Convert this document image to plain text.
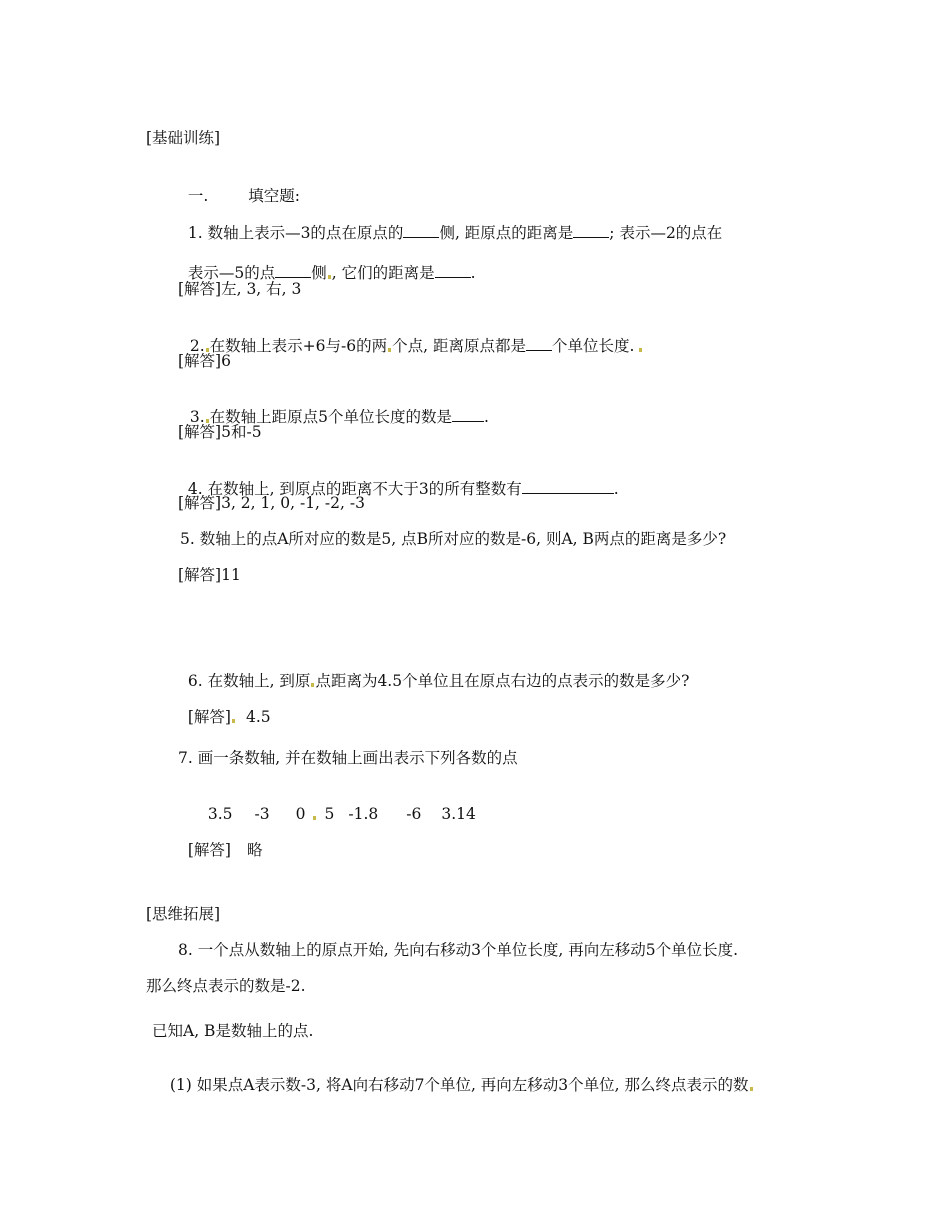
[基础训练]

一.	填空题:

1. 数轴上表示—3的点在原点的 侧, 距原点的距离是 ; 表示—2的点在

表示—5的点 侧 , 它们的距离是 .

[解答]左, 3, 右, 3

2. 在数轴上表示+6与-6的两 个点, 距离原点都是 个单位长度.

[解答]6

3. 在数轴上距原点5个单位长度的数是 .

[解答]5和-5

4. 在数轴上, 到原点的距离不大于3的所有整数有	.

[解答]3, 2, 1, 0, -1, -2, -3
5. 数轴上的点A所对应的数是5, 点B所对应的数是-6, 则A, B两点的距离是多少?
[解答]11

6. 在数轴上, 到原 点距离为4.5个单位且在原点右边的点表示的数是多少?

[解答] 4.5

7. 画一条数轴, 并在数轴上画出表示下列各数的点

3.5 -3 0 5 -1.8 -6 3.14

[解答] 略

[思维拓展]
8. 一个点从数轴上的原点开始, 先向右移动3个单位长度, 再向左移动5个单位长度.
那么终点表示的数是-2.
已知A, B是数轴上的点.

(1) 如果点A表示数-3, 将A向右移动7个单位, 再向左移动3个单位, 那么终点表示的数
